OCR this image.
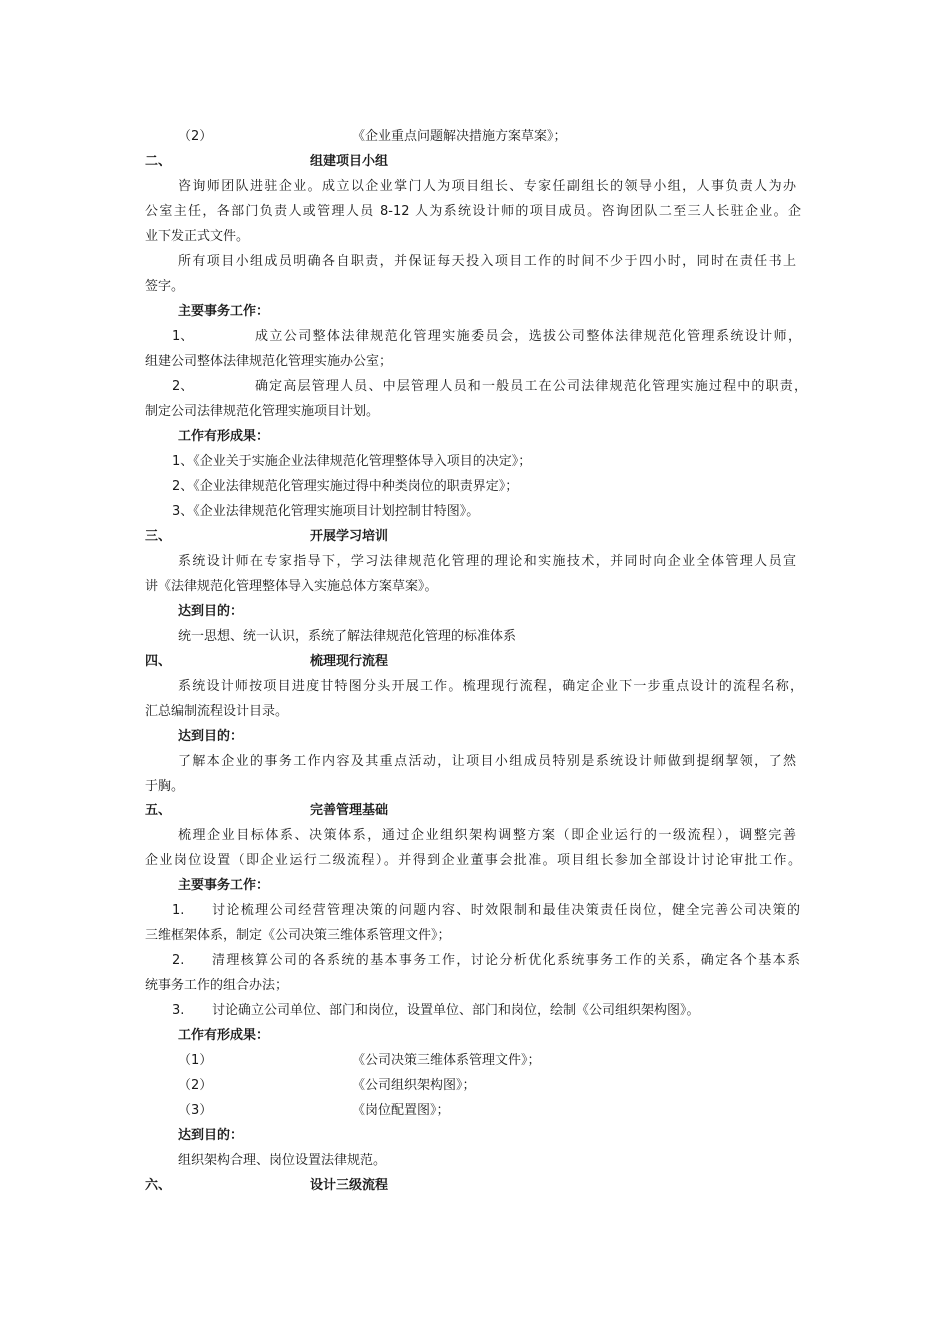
（2）	《企业重点问题解决措施方案草案》；
二、	组建项目小组
咨询师团队进驻企业。成立以企业掌门人为项目组长、专家任副组长的领导小组，人事负责人为办
公室主任，各部门负责人或管理人员 8-12 人为系统设计师的项目成员。咨询团队二至三人长驻企业。企
业下发正式文件。
所有项目小组成员明确各自职责，并保证每天投入项目工作的时间不少于四小时，同时在责任书上
签字。
主要事务工作：
1、	成立公司整体法律规范化管理实施委员会，选拔公司整体法律规范化管理系统设计师，
组建公司整体法律规范化管理实施办公室；
2、	确定高层管理人员、中层管理人员和一般员工在公司法律规范化管理实施过程中的职责，
制定公司法律规范化管理实施项目计划。
工作有形成果：
1、《企业关于实施企业法律规范化管理整体导入项目的决定》；
2、《企业法律规范化管理实施过得中种类岗位的职责界定》；
3、《企业法律规范化管理实施项目计划控制甘特图》。
三、	开展学习培训
系统设计师在专家指导下，学习法律规范化管理的理论和实施技术，并同时向企业全体管理人员宣
讲《法律规范化管理整体导入实施总体方案草案》。
达到目的：
统一思想、统一认识，系统了解法律规范化管理的标准体系
四、	梳理现行流程
系统设计师按项目进度甘特图分头开展工作。梳理现行流程，确定企业下一步重点设计的流程名称，
汇总编制流程设计目录。
达到目的：
了解本企业的事务工作内容及其重点活动，让项目小组成员特别是系统设计师做到提纲挈领，了然
于胸。
五、	完善管理基础
梳理企业目标体系、决策体系，通过企业组织架构调整方案（即企业运行的一级流程），调整完善
企业岗位设置（即企业运行二级流程）。并得到企业董事会批准。项目组长参加全部设计讨论审批工作。
主要事务工作：
1. 讨论梳理公司经营管理决策的问题内容、时效限制和最佳决策责任岗位，健全完善公司决策的
三维框架体系，制定《公司决策三维体系管理文件》；
2. 清理核算公司的各系统的基本事务工作，讨论分析优化系统事务工作的关系，确定各个基本系
统事务工作的组合办法；
3. 讨论确立公司单位、部门和岗位，设置单位、部门和岗位，绘制《公司组织架构图》。
工作有形成果：
（1）	《公司决策三维体系管理文件》；
（2）	《公司组织架构图》；
（3）	《岗位配置图》；
达到目的：
组织架构合理、岗位设置法律规范。
六、	设计三级流程
